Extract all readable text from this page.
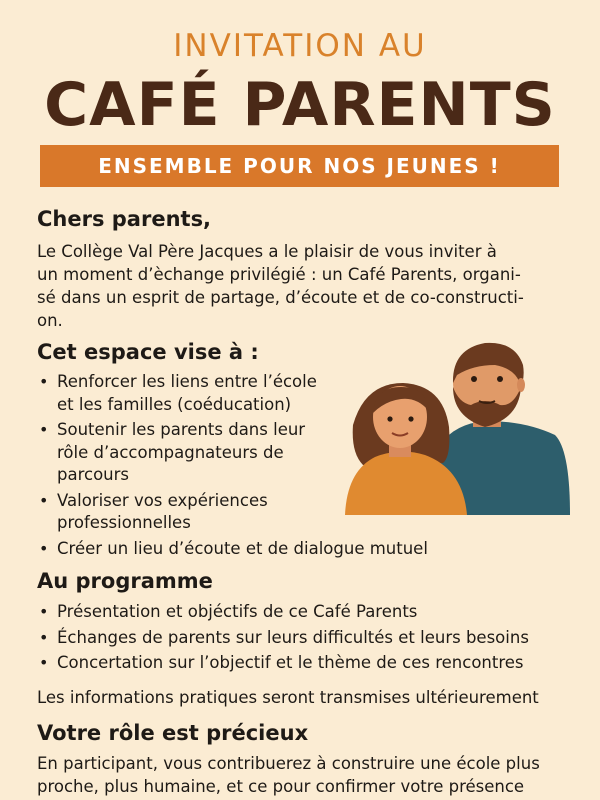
INVITATION AU
CAFÉ PARENTS
ENSEMBLE POUR NOS JEUNES !
Chers parents,
Le Collège Val Père Jacques a le plaisir de vous inviter à
un moment d’èchange privilégié : un Café Parents, organi-
sé dans un esprit de partage, d’écoute et de co-constructi-
on.
Cet espace vise à :
• Renforcer les liens entre l’école
et les familles (coéducation)
• Soutenir les parents dans leur
rôle d’accompagnateurs de
parcours
• Valoriser vos expériences
professionnelles
• Créer un lieu d’écoute et de dialogue mutuel
Au programme
• Présentation et objéctifs de ce Café Parents
• Échanges de parents sur leurs difficultés et leurs besoins
• Concertation sur l’objectif et le thème de ces rencontres
Les informations pratiques seront transmises ultérieurement
Votre rôle est précieux
En participant, vous contribuerez à construire une école plus
proche, plus humaine, et ce pour confirmer votre présence
